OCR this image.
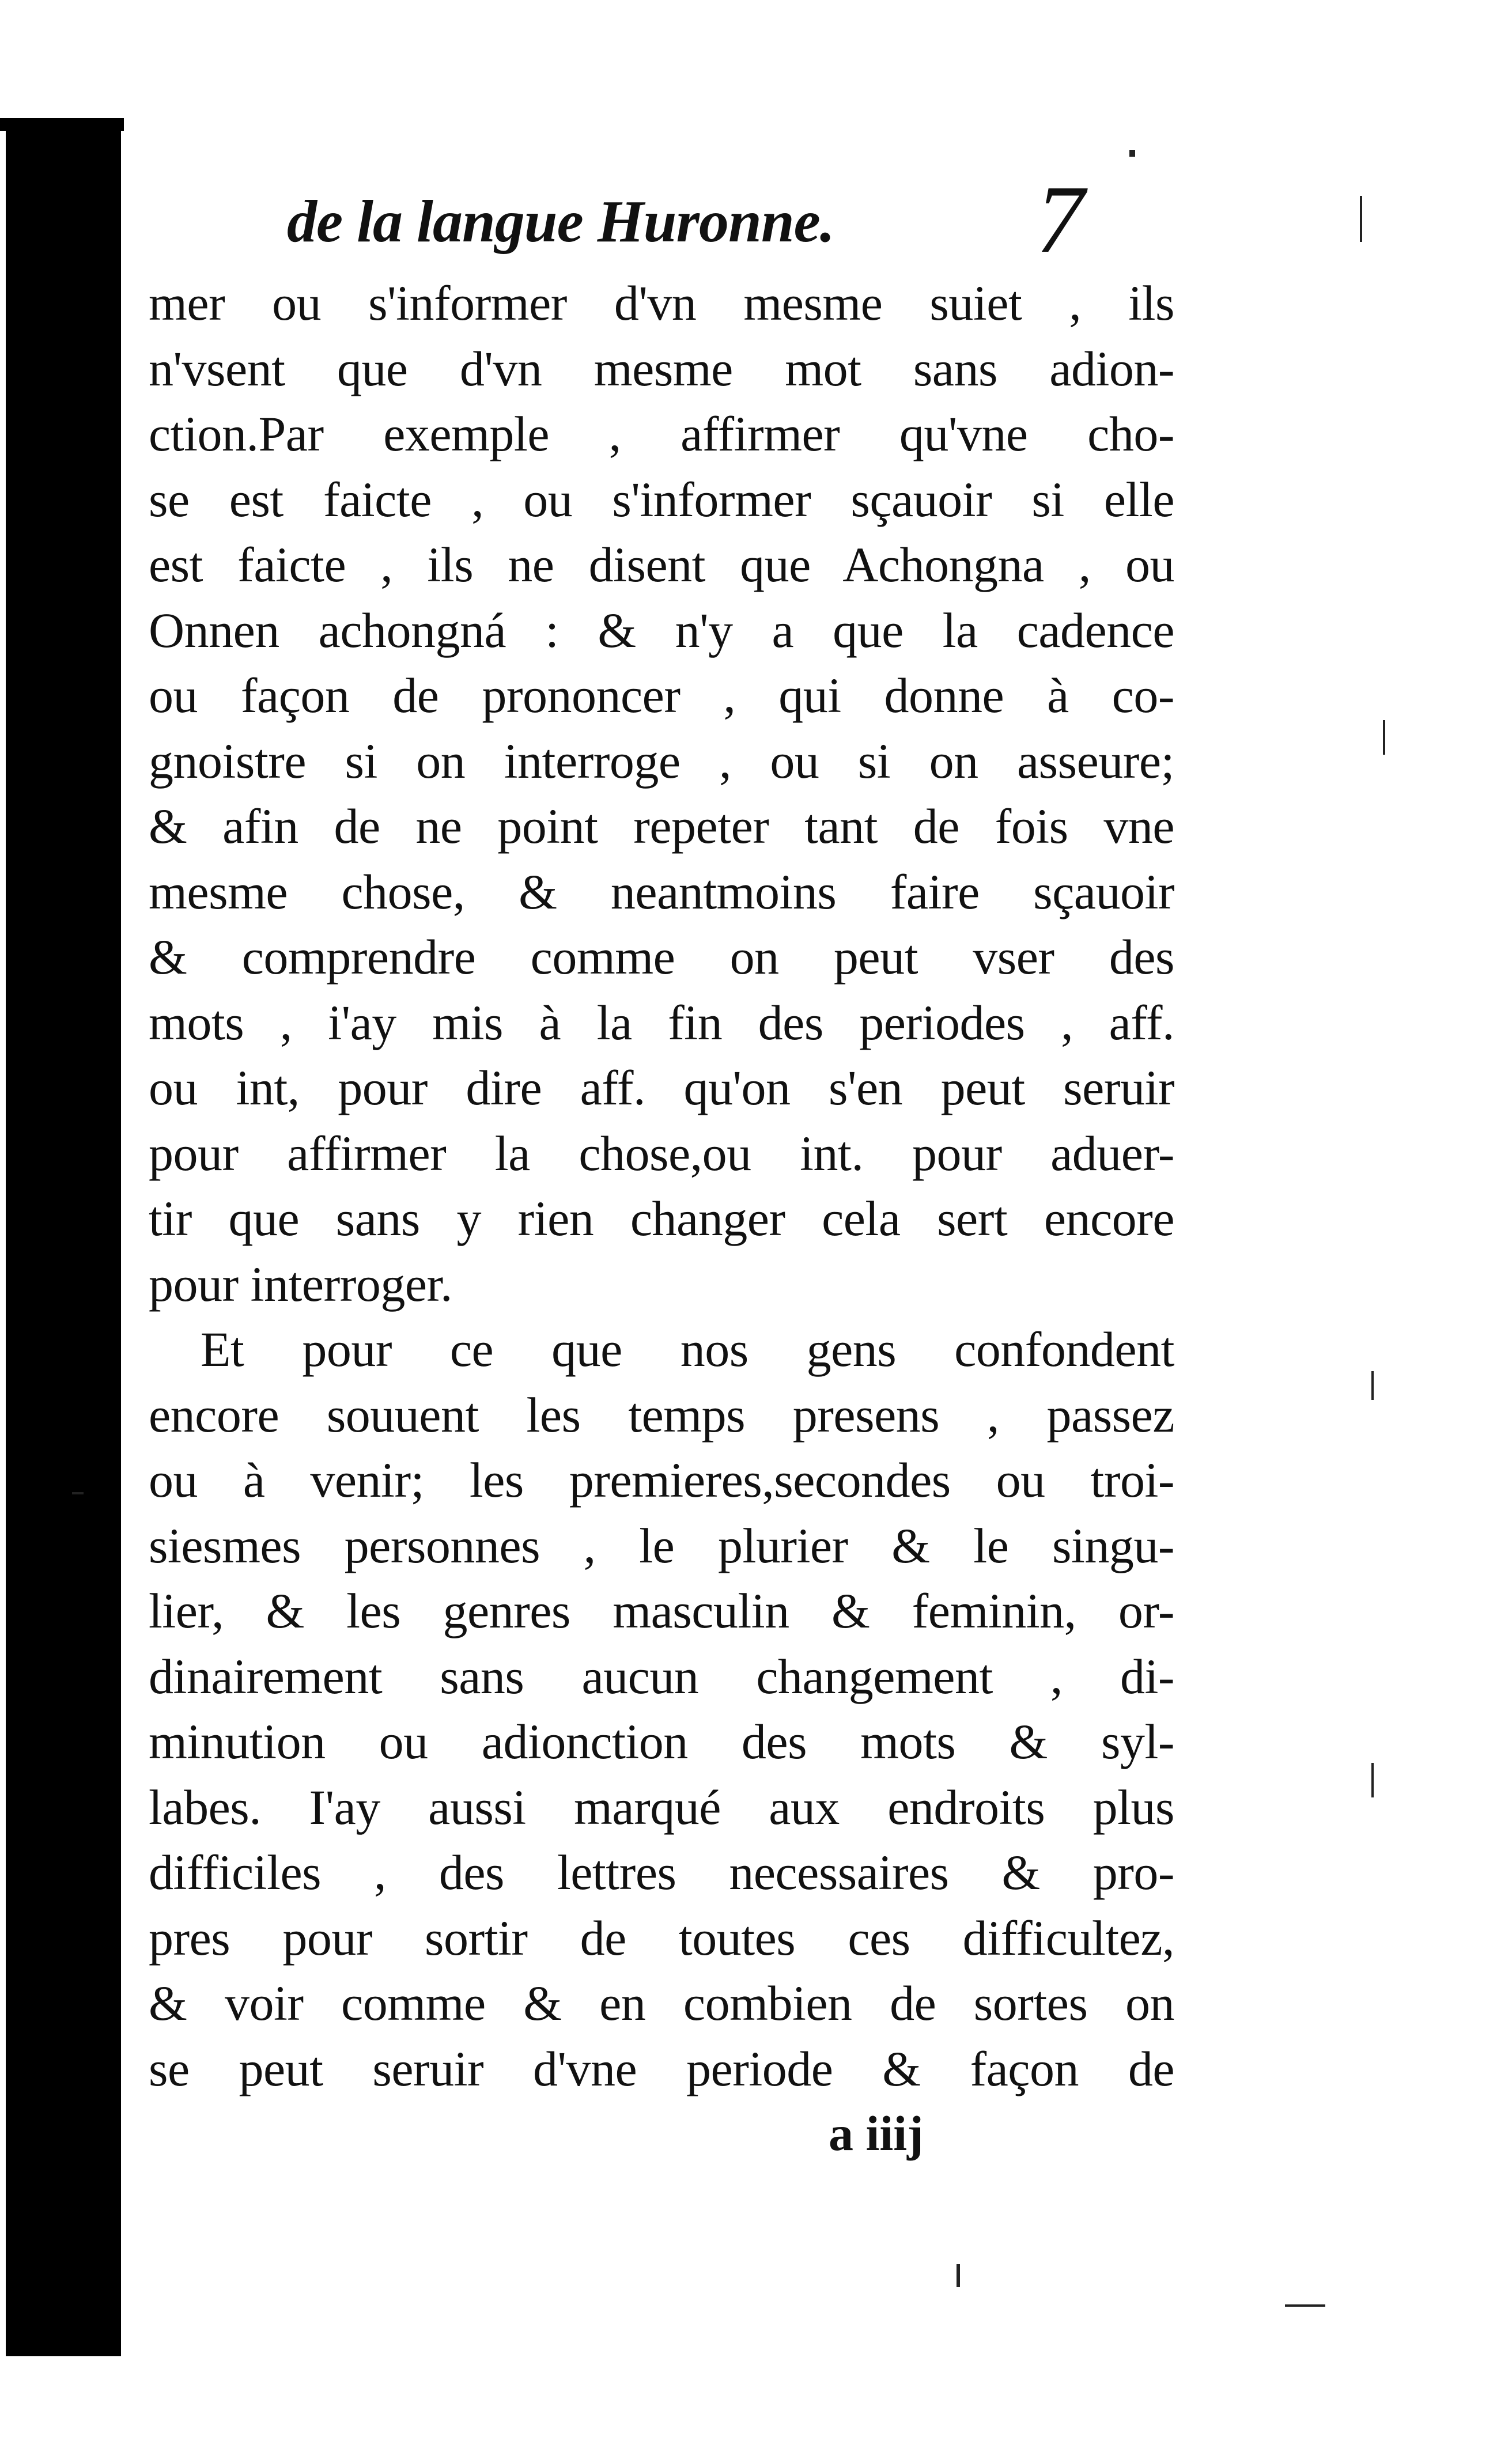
de la langue Huronne. 7
mer ou s'informer d'vn mesme suiet , ils
n'vsent que d'vn mesme mot sans adion-
ction.Par exemple , affirmer qu'vne cho-
se est faicte , ou s'informer sçauoir si elle
est faicte , ils ne disent que Achongna , ou
Onnen achongná : & n'y a que la cadence
ou façon de prononcer , qui donne à co-
gnoistre si on interroge , ou si on asseure;
& afin de ne point repeter tant de fois vne
mesme chose, & neantmoins faire sçauoir
& comprendre comme on peut vser des
mots , i'ay mis à la fin des periodes , aff.
ou int, pour dire aff. qu'on s'en peut seruir
pour affirmer la chose,ou int. pour aduer-
tir que sans y rien changer cela sert encore
pour interroger.
Et pour ce que nos gens confondent
encore souuent les temps presens , passez
ou à venir; les premieres,secondes ou troi-
siesmes personnes , le plurier & le singu-
lier, & les genres masculin & feminin, or-
dinairement sans aucun changement , di-
minution ou adionction des mots & syl-
labes. I'ay aussi marqué aux endroits plus
difficiles , des lettres necessaires & pro-
pres pour sortir de toutes ces difficultez,
& voir comme & en combien de sortes on
se peut seruir d'vne periode & façon de
a iiij
